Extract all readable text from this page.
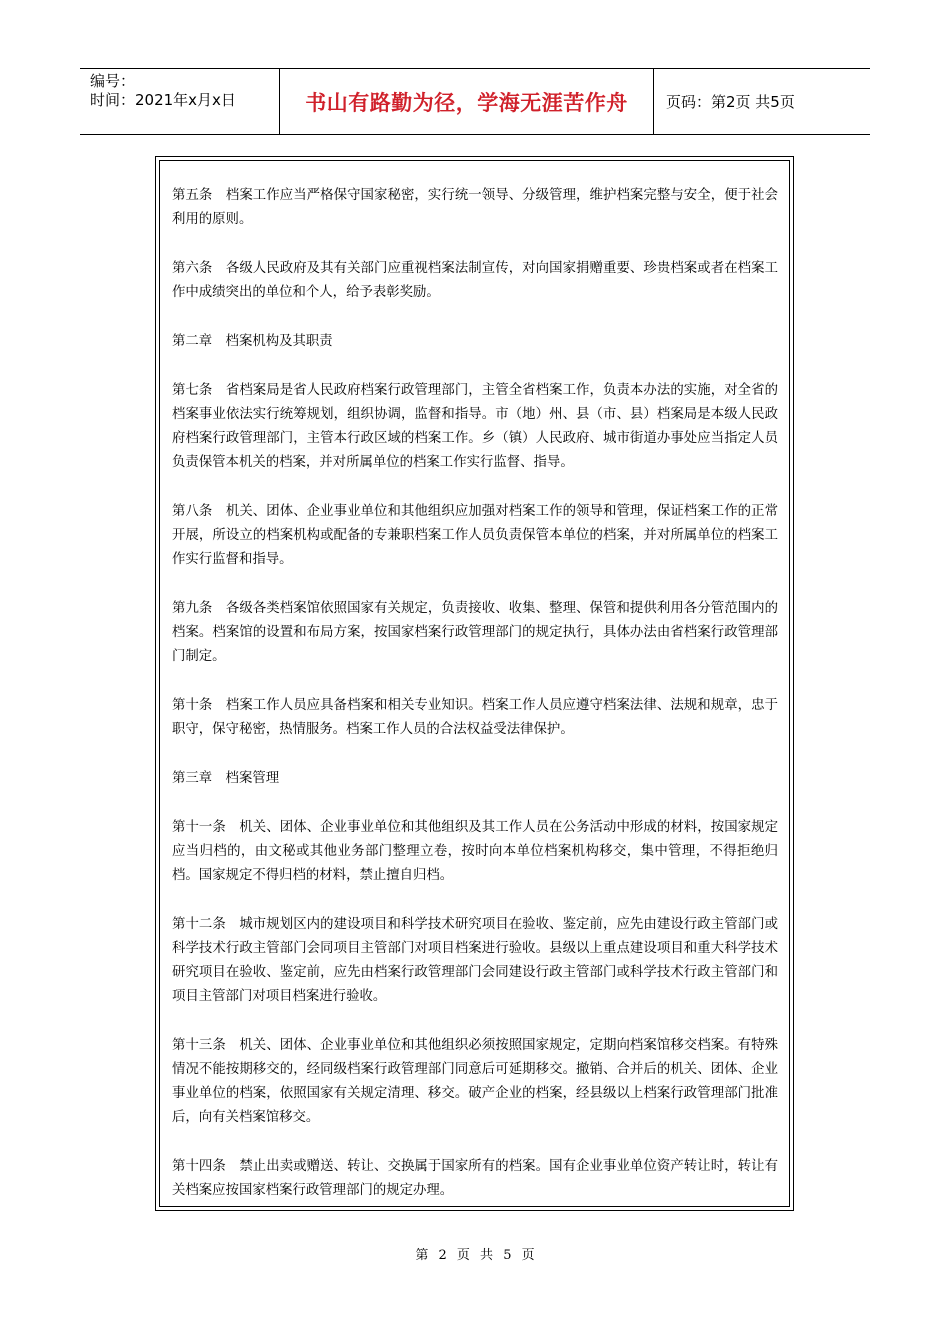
编号：
时间：2021年x月x日	书山有路勤为径，学海无涯苦作舟	页码：第2页 共5页

第五条　档案工作应当严格保守国家秘密，实行统一领导、分级管理，维护档案完整与安全，便于社会利用的原则。

第六条　各级人民政府及其有关部门应重视档案法制宣传，对向国家捐赠重要、珍贵档案或者在档案工作中成绩突出的单位和个人，给予表彰奖励。

第二章　档案机构及其职责

第七条　省档案局是省人民政府档案行政管理部门，主管全省档案工作，负责本办法的实施，对全省的档案事业依法实行统筹规划，组织协调，监督和指导。市（地）州、县（市、县）档案局是本级人民政府档案行政管理部门，主管本行政区域的档案工作。乡（镇）人民政府、城市街道办事处应当指定人员负责保管本机关的档案，并对所属单位的档案工作实行监督、指导。

第八条　机关、团体、企业事业单位和其他组织应加强对档案工作的领导和管理，保证档案工作的正常开展，所设立的档案机构或配备的专兼职档案工作人员负责保管本单位的档案，并对所属单位的档案工作实行监督和指导。

第九条　各级各类档案馆依照国家有关规定，负责接收、收集、整理、保管和提供利用各分管范围内的档案。档案馆的设置和布局方案，按国家档案行政管理部门的规定执行，具体办法由省档案行政管理部门制定。

第十条　档案工作人员应具备档案和相关专业知识。档案工作人员应遵守档案法律、法规和规章，忠于职守，保守秘密，热情服务。档案工作人员的合法权益受法律保护。

第三章　档案管理

第十一条　机关、团体、企业事业单位和其他组织及其工作人员在公务活动中形成的材料，按国家规定应当归档的，由文秘或其他业务部门整理立卷，按时向本单位档案机构移交，集中管理，不得拒绝归档。国家规定不得归档的材料，禁止擅自归档。

第十二条　城市规划区内的建设项目和科学技术研究项目在验收、鉴定前，应先由建设行政主管部门或科学技术行政主管部门会同项目主管部门对项目档案进行验收。县级以上重点建设项目和重大科学技术研究项目在验收、鉴定前，应先由档案行政管理部门会同建设行政主管部门或科学技术行政主管部门和项目主管部门对项目档案进行验收。

第十三条　机关、团体、企业事业单位和其他组织必须按照国家规定，定期向档案馆移交档案。有特殊情况不能按期移交的，经同级档案行政管理部门同意后可延期移交。撤销、合并后的机关、团体、企业事业单位的档案，依照国家有关规定清理、移交。破产企业的档案，经县级以上档案行政管理部门批准后，向有关档案馆移交。

第十四条　禁止出卖或赠送、转让、交换属于国家所有的档案。国有企业事业单位资产转让时，转让有关档案应按国家档案行政管理部门的规定办理。

第 2 页 共 5 页
